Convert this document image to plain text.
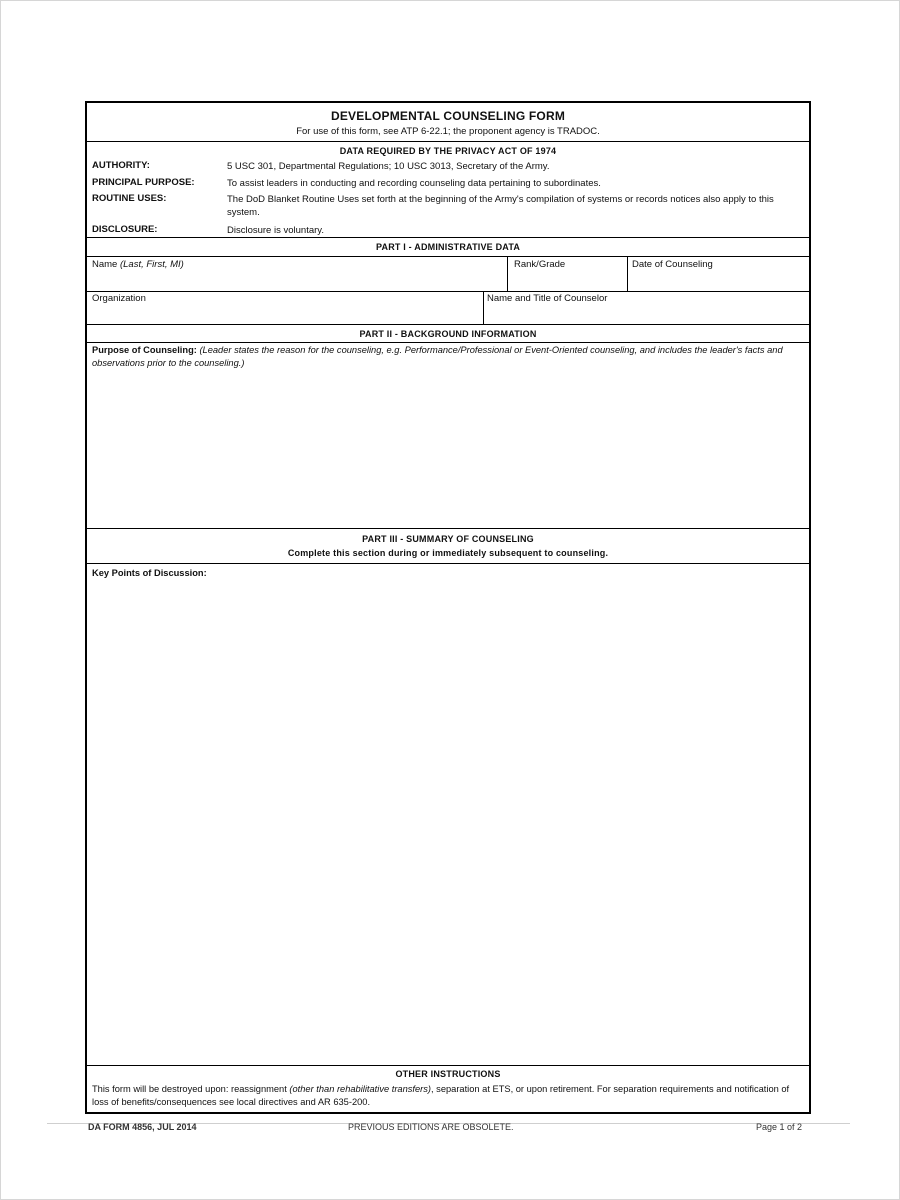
DEVELOPMENTAL COUNSELING FORM
For use of this form, see ATP 6-22.1; the proponent agency is TRADOC.
DATA REQUIRED BY THE PRIVACY ACT OF 1974
AUTHORITY:	5 USC 301, Departmental Regulations; 10 USC 3013, Secretary of the Army.
PRINCIPAL PURPOSE:	To assist leaders in conducting and recording counseling data pertaining to subordinates.
ROUTINE USES:	The DoD Blanket Routine Uses set forth at the beginning of the Army's compilation of systems or records notices also apply to this system.
DISCLOSURE:	Disclosure is voluntary.
PART I - ADMINISTRATIVE DATA
Name (Last, First, MI)	Rank/Grade	Date of Counseling
Organization	Name and Title of Counselor
PART II - BACKGROUND INFORMATION
Purpose of Counseling: (Leader states the reason for the counseling, e.g. Performance/Professional or Event-Oriented counseling, and includes the leader's facts and observations prior to the counseling.)
PART III - SUMMARY OF COUNSELING
Complete this section during or immediately subsequent to counseling.
Key Points of Discussion:
OTHER INSTRUCTIONS
This form will be destroyed upon: reassignment (other than rehabilitative transfers), separation at ETS, or upon retirement. For separation requirements and notification of loss of benefits/consequences see local directives and AR 635-200.
DA FORM 4856, JUL 2014	PREVIOUS EDITIONS ARE OBSOLETE.	Page 1 of 2
